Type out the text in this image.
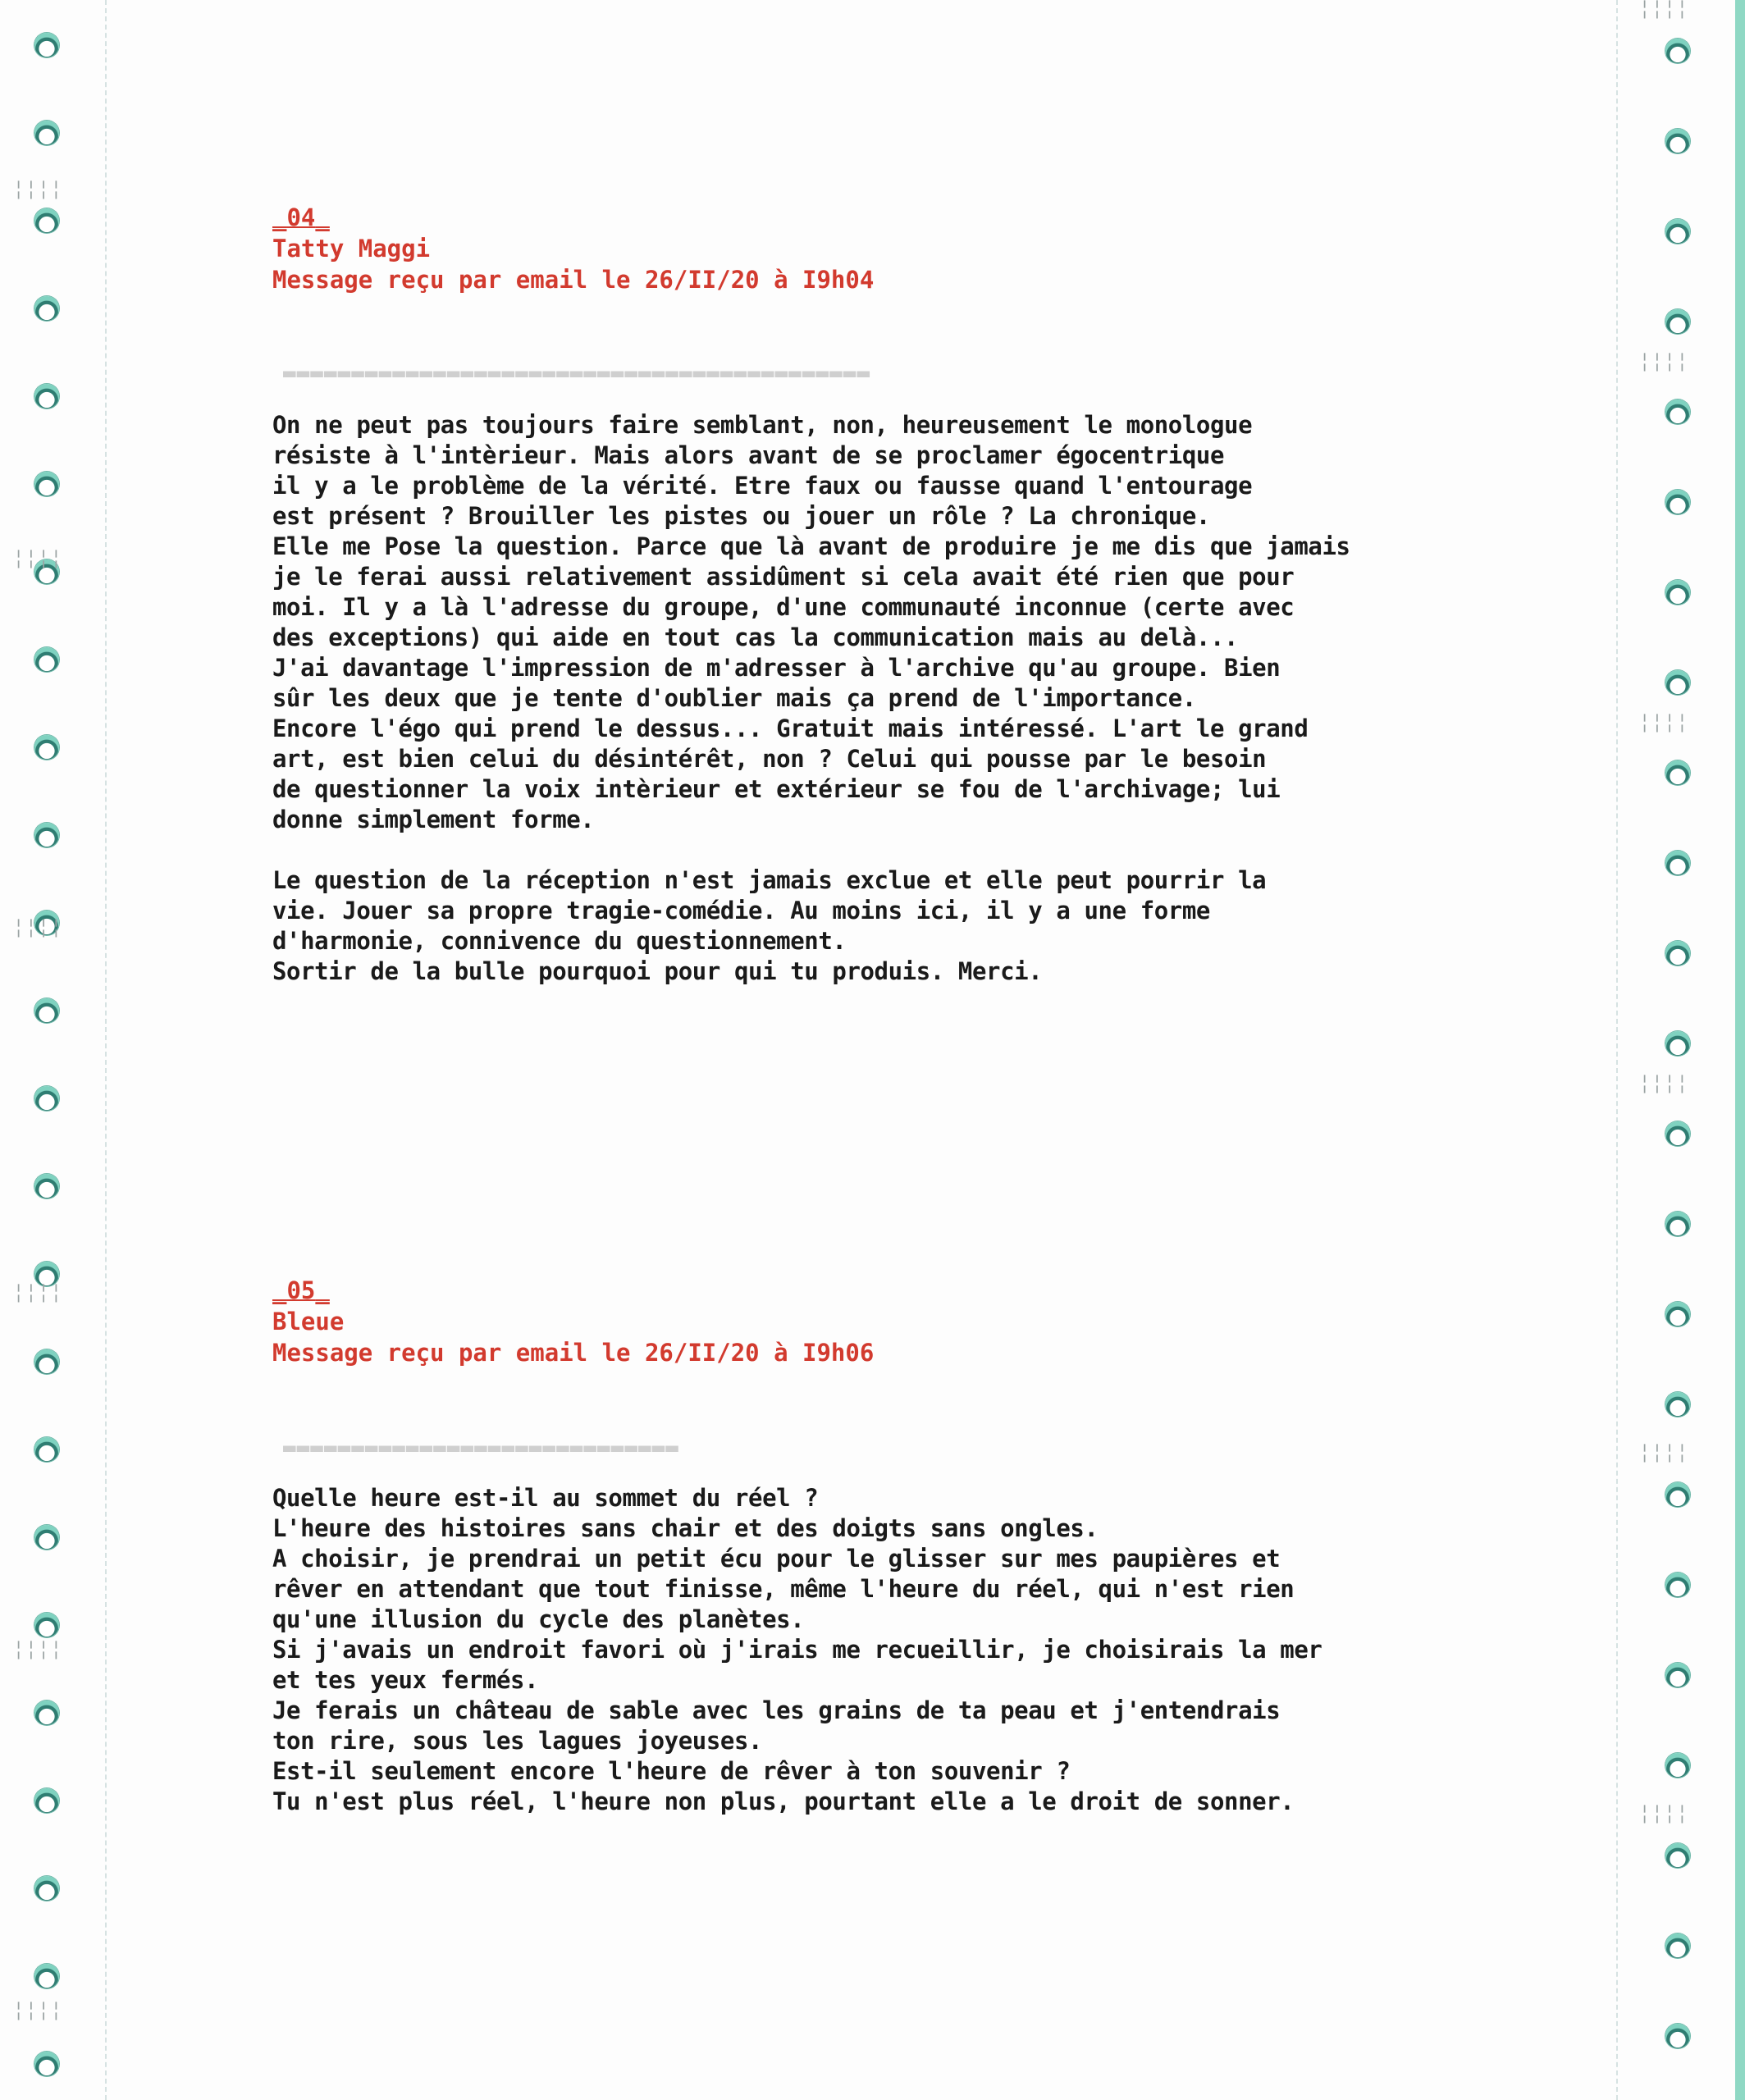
╎╎╎╎
╎╎╎╎
╎╎╎╎
╎╎╎╎
╎╎╎╎
╎╎╎╎
╎╎╎╎
╎╎╎╎
╎╎╎╎
╎╎╎╎
╎╎╎╎
╎╎╎╎
▬▬▬▬▬▬▬▬▬▬▬▬▬▬▬▬▬▬▬▬▬▬▬▬▬▬▬▬▬▬▬▬▬▬▬▬▬▬▬▬▬▬▬
▬▬▬▬▬▬▬▬▬▬▬▬▬▬▬▬▬▬▬▬▬▬▬▬▬▬▬▬▬
_ 04 _
Tatty Maggi
Message reçu par email le 26/II/20 à I9h04

On ne peut pas toujours faire semblant, non, heureusement le monologue
résiste à l'intèrieur. Mais alors avant de se proclamer égocentrique
il y a le problème de la vérité. Etre faux ou fausse quand l'entourage
est présent ? Brouiller les pistes ou jouer un rôle ? La chronique.
Elle me Pose la question. Parce que là avant de produire je me dis que jamais
je le ferai aussi relativement assidûment si cela avait été rien que pour
moi. Il y a là l'adresse du groupe, d'une communauté inconnue (certe avec
des exceptions) qui aide en tout cas la communication mais au delà...
J'ai davantage l'impression de m'adresser à l'archive qu'au groupe. Bien
sûr les deux que je tente d'oublier mais ça prend de l'importance.
Encore l'égo qui prend le dessus... Gratuit mais intéressé. L'art le grand
art, est bien celui du désintérêt, non ? Celui qui pousse par le besoin
de questionner la voix intèrieur et extérieur se fou de l'archivage; lui
donne simplement forme.

Le question de la réception n'est jamais exclue et elle peut pourrir la
vie. Jouer sa propre tragie-comédie. Au moins ici, il y a une forme
d'harmonie, connivence du questionnement.
Sortir de la bulle pourquoi pour qui tu produis. Merci.

_ 05 _
Bleue
Message reçu par email le 26/II/20 à I9h06

Quelle heure est-il au sommet du réel ?
L'heure des histoires sans chair et des doigts sans ongles.
A choisir, je prendrai un petit écu pour le glisser sur mes paupières et
rêver en attendant que tout finisse, même l'heure du réel, qui n'est rien
qu'une illusion du cycle des planètes.
Si j'avais un endroit favori où j'irais me recueillir, je choisirais la mer
et tes yeux fermés.
Je ferais un château de sable avec les grains de ta peau et j'entendrais
ton rire, sous les lagues joyeuses.
Est-il seulement encore l'heure de rêver à ton souvenir ?
Tu n'est plus réel, l'heure non plus, pourtant elle a le droit de sonner.
